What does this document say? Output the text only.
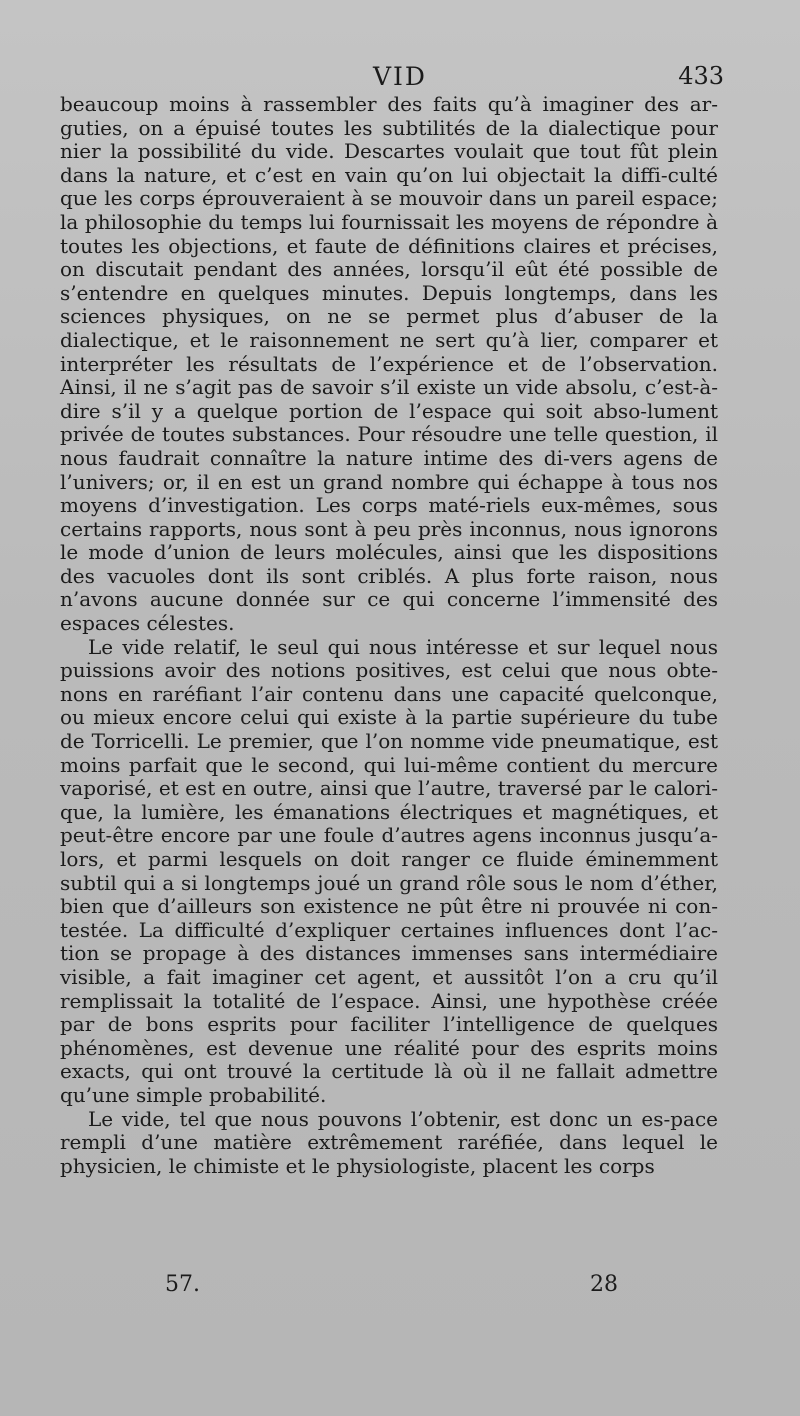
VID	433

beaucoup moins à rassembler des faits qu’à imaginer des ar-guties, on a épuisé toutes les subtilités de la dialectique pour nier la possibilité du vide. Descartes voulait que tout fût plein dans la nature, et c’est en vain qu’on lui objectait la diffi-culté que les corps éprouveraient à se mouvoir dans un pareil espace; la philosophie du temps lui fournissait les moyens de répondre à toutes les objections, et faute de définitions claires et précises, on discutait pendant des années, lorsqu’il eût été possible de s’entendre en quelques minutes. Depuis longtemps, dans les sciences physiques, on ne se permet plus d’abuser de la dialectique, et le raisonnement ne sert qu’à lier, comparer et interpréter les résultats de l’expérience et de l’observation. Ainsi, il ne s’agit pas de savoir s’il existe un vide absolu, c’est-à-dire s’il y a quelque portion de l’espace qui soit abso-lument privée de toutes substances. Pour résoudre une telle question, il nous faudrait connaître la nature intime des di-vers agens de l’univers; or, il en est un grand nombre qui échappe à tous nos moyens d’investigation. Les corps maté-riels eux-mêmes, sous certains rapports, nous sont à peu près inconnus, nous ignorons le mode d’union de leurs molécules, ainsi que les dispositions des vacuoles dont ils sont criblés. A plus forte raison, nous n’avons aucune donnée sur ce qui concerne l’immensité des espaces célestes.

Le vide relatif, le seul qui nous intéresse et sur lequel nous puissions avoir des notions positives, est celui que nous obte-nons en raréfiant l’air contenu dans une capacité quelconque, ou mieux encore celui qui existe à la partie supérieure du tube de Torricelli. Le premier, que l’on nomme vide pneumatique, est moins parfait que le second, qui lui-même contient du mercure vaporisé, et est en outre, ainsi que l’autre, traversé par le calori-que, la lumière, les émanations électriques et magnétiques, et peut-être encore par une foule d’autres agens inconnus jusqu’a-lors, et parmi lesquels on doit ranger ce fluide éminemment subtil qui a si longtemps joué un grand rôle sous le nom d’éther, bien que d’ailleurs son existence ne pût être ni prouvée ni con-testée. La difficulté d’expliquer certaines influences dont l’ac-tion se propage à des distances immenses sans intermédiaire visible, a fait imaginer cet agent, et aussitôt l’on a cru qu’il remplissait la totalité de l’espace. Ainsi, une hypothèse créée par de bons esprits pour faciliter l’intelligence de quelques phénomènes, est devenue une réalité pour des esprits moins exacts, qui ont trouvé la certitude là où il ne fallait admettre qu’une simple probabilité.

Le vide, tel que nous pouvons l’obtenir, est donc un es-pace rempli d’une matière extrêmement raréfiée, dans lequel le physicien, le chimiste et le physiologiste, placent les corps

57.	28
